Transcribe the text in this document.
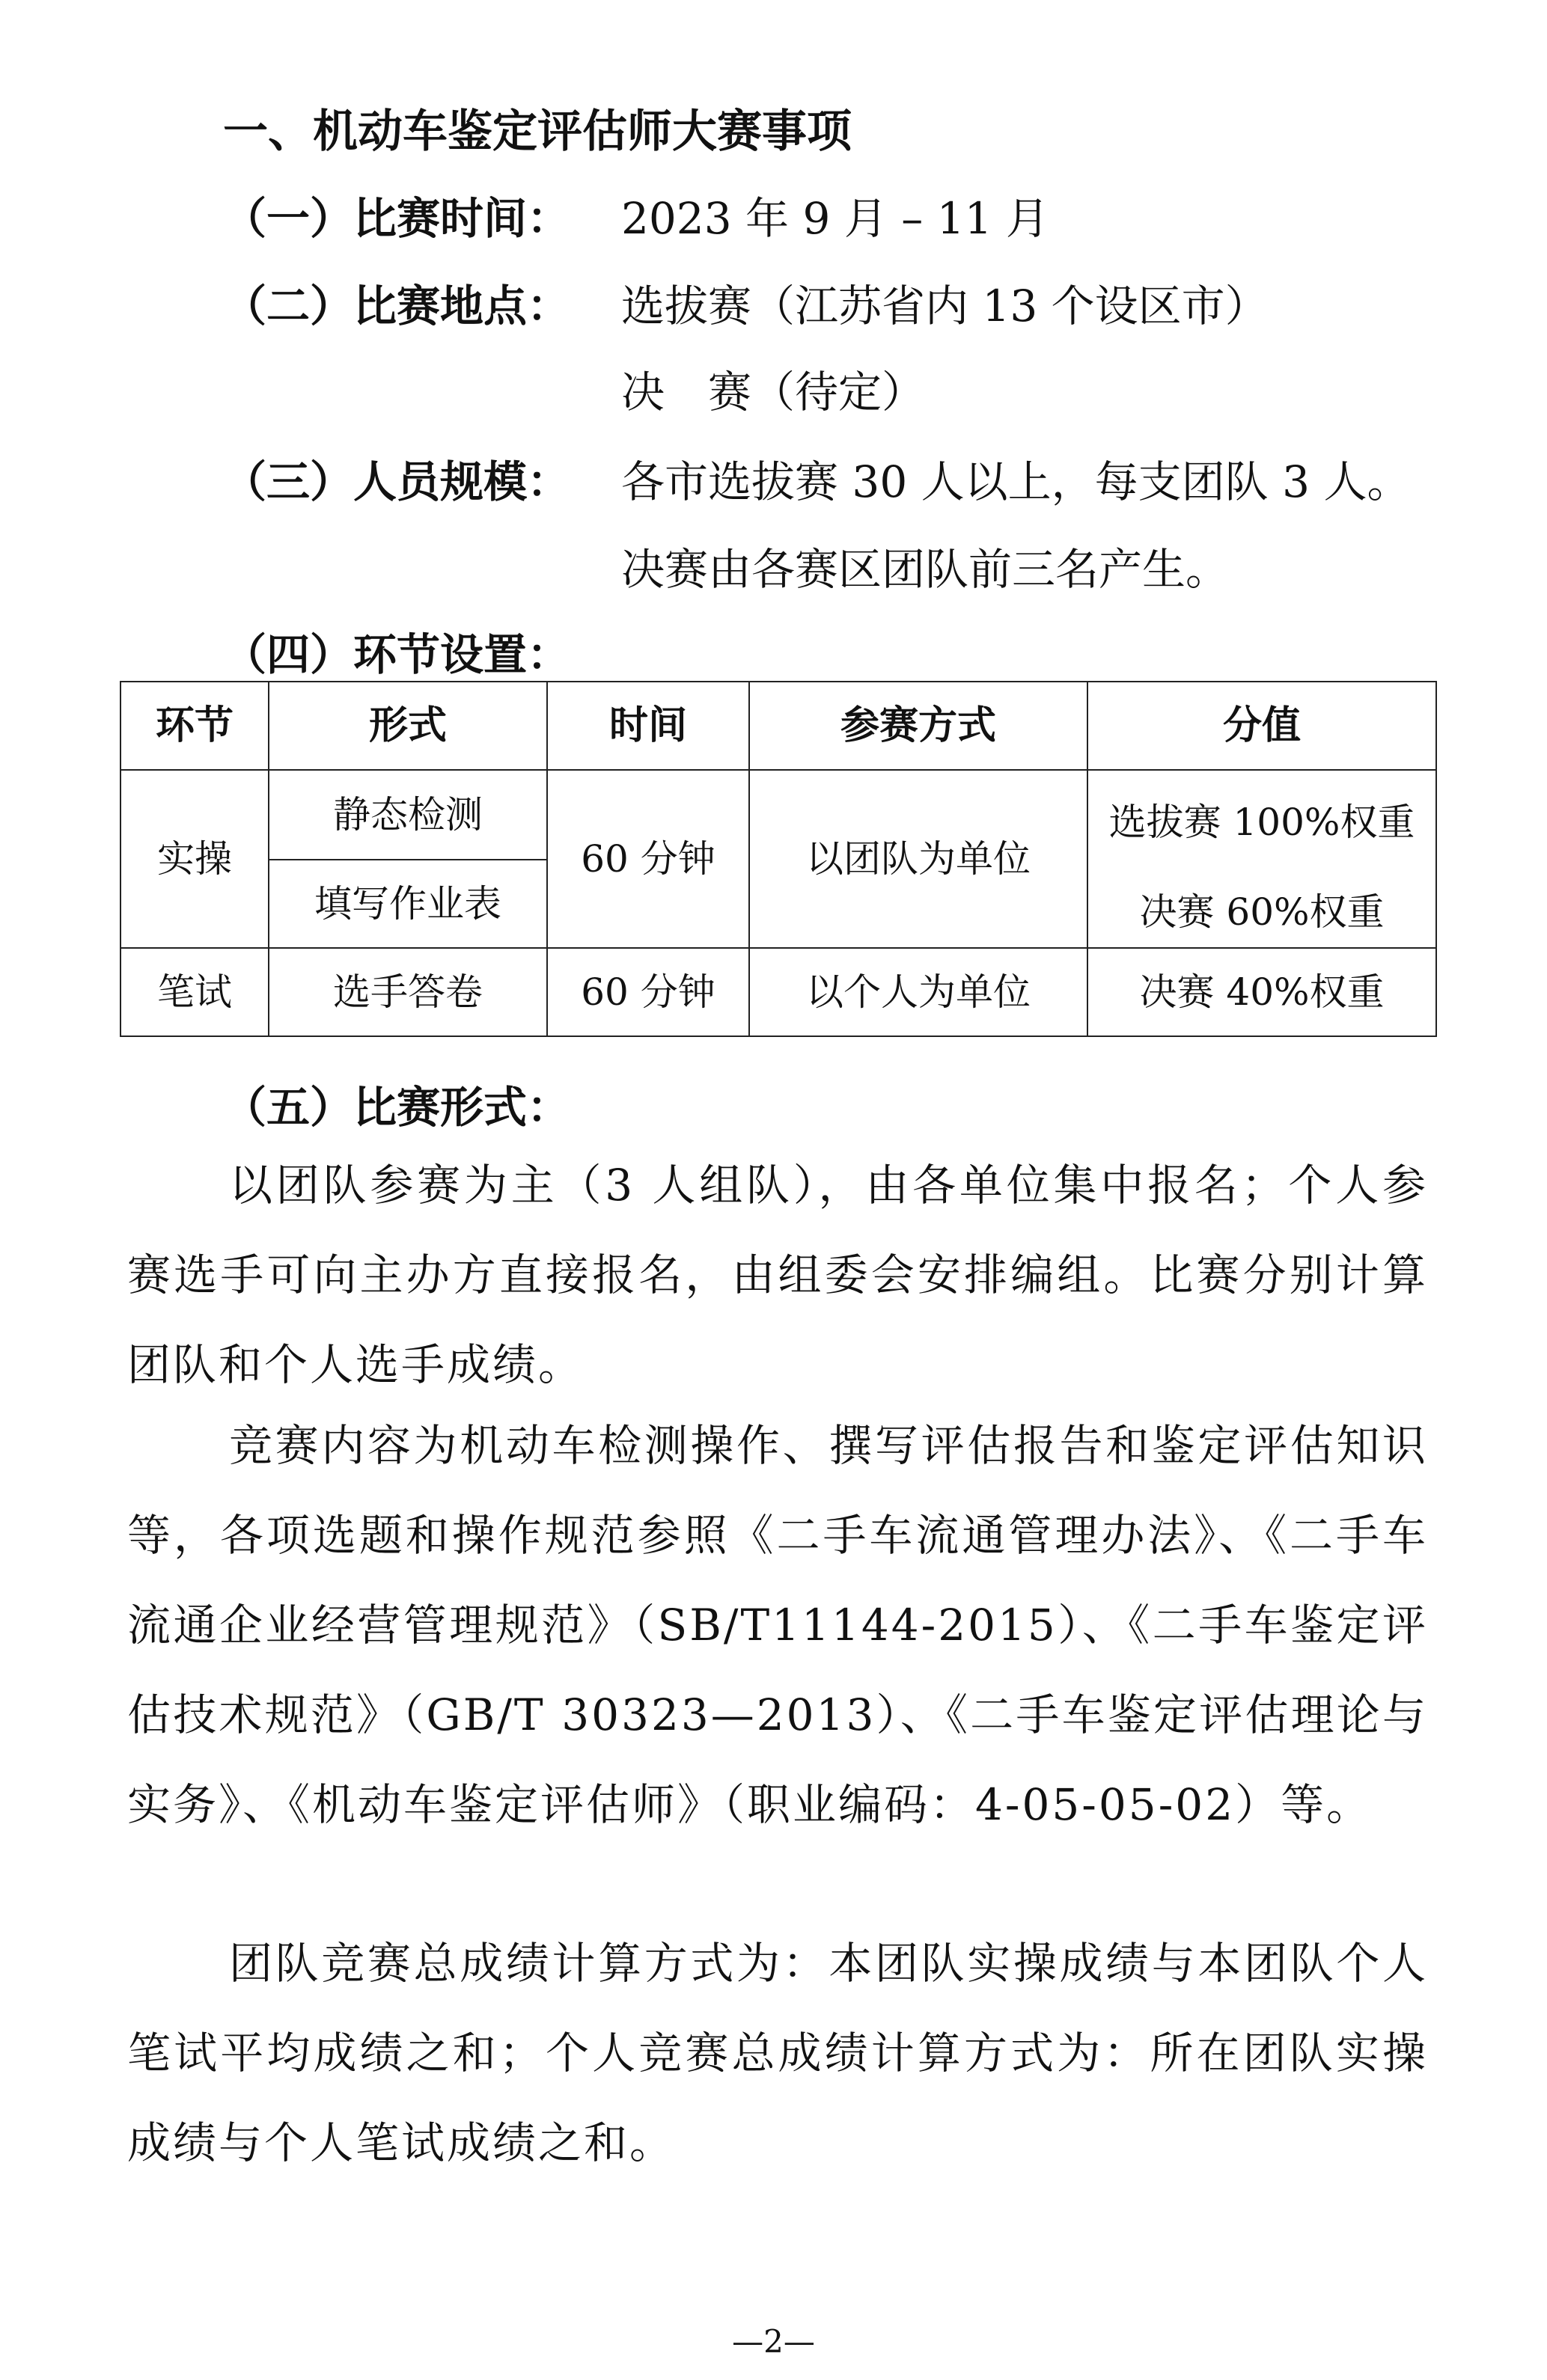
一、机动车鉴定评估师大赛事项
（一）比赛时间： 2023 年 9 月 – 11 月
（二）比赛地点： 选拔赛（江苏省内 13 个设区市）
决　赛（待定）
（三）人员规模： 各市选拔赛 30 人以上，每支团队 3 人。
决赛由各赛区团队前三名产生。
（四）环节设置：
环节	形式	时间	参赛方式	分值
实操	静态检测	60 分钟	以团队为单位	选拔赛 100%权重
决赛 60%权重

	填写作业表			
笔试	选手答卷	60 分钟	以个人为单位	决赛 40%权重
（五）比赛形式：
以团队参赛为主（3 人组队），由各单位集中报名；个人参赛选手可向主办方直接报名，由组委会安排编组。比赛分别计算团队和个人选手成绩。
竞赛内容为机动车检测操作、撰写评估报告和鉴定评估知识等，各项选题和操作规范参照《二手车流通管理办法》、《二手车流通企业经营管理规范》（SB/T11144-2015）、《二手车鉴定评估技术规范》（GB/T 30323—2013）、《二手车鉴定评估理论与实务》、《机动车鉴定评估师》（职业编码：4-05-05-02）等。
团队竞赛总成绩计算方式为：本团队实操成绩与本团队个人笔试平均成绩之和；个人竞赛总成绩计算方式为：所在团队实操成绩与个人笔试成绩之和。
—2—
